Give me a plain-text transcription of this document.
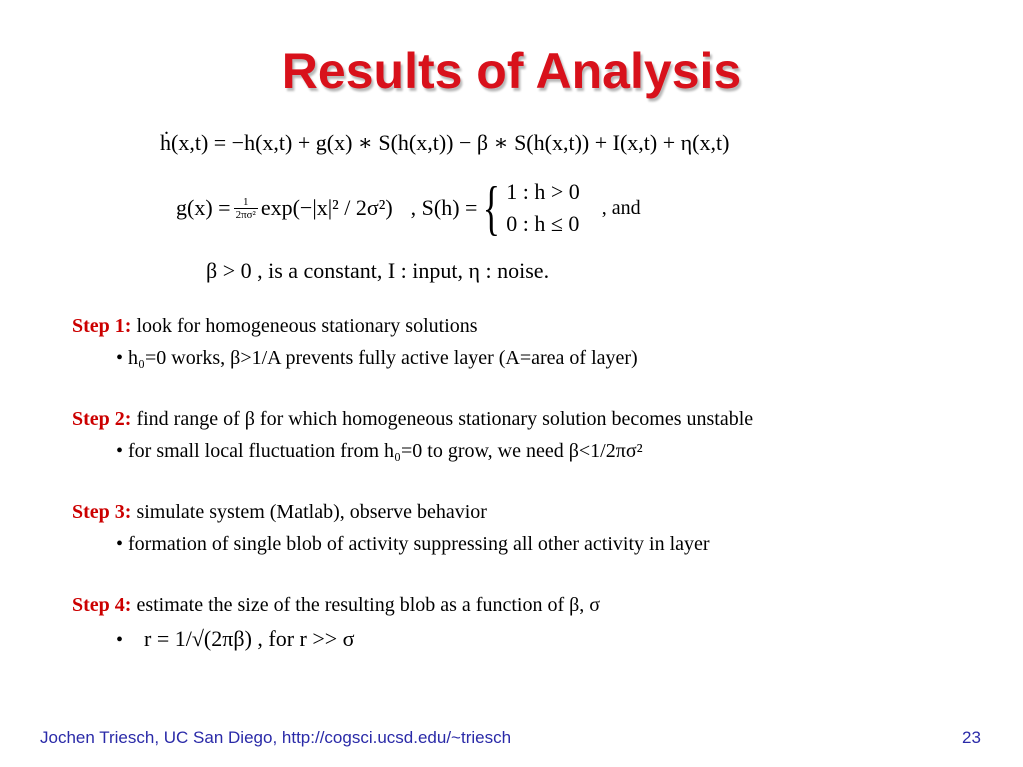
Results of Analysis
ḣ(x,t) = −h(x,t) + g(x) ∗ S(h(x,t)) − β ∗ S(h(x,t)) + I(x,t) + η(x,t)
$g(x) = \frac{1}{\text{2πσ²}} \exp(-|x|^2 / 2\sigma^2)$ , S(h) = { 1 : h > 0
0 : h ≤ 0
, and
β > 0 , is a constant, I : input, η : noise.
Step 1: look for homogeneous stationary solutions
• h₀=0 works, β>1/A prevents fully active layer (A=area of layer)
Step 2: find range of β for which homogeneous stationary solution becomes unstable
• for small local fluctuation from h₀=0 to grow, we need β<1/2πσ²
Step 3: simulate system (Matlab), observe behavior
• formation of single blob of activity suppressing all other activity in layer
Step 4: estimate the size of the resulting blob as a function of β, σ
• r = 1/√(2πβ) , for r >> σ
Jochen Triesch, UC San Diego, http://cogsci.ucsd.edu/~triesch	23
